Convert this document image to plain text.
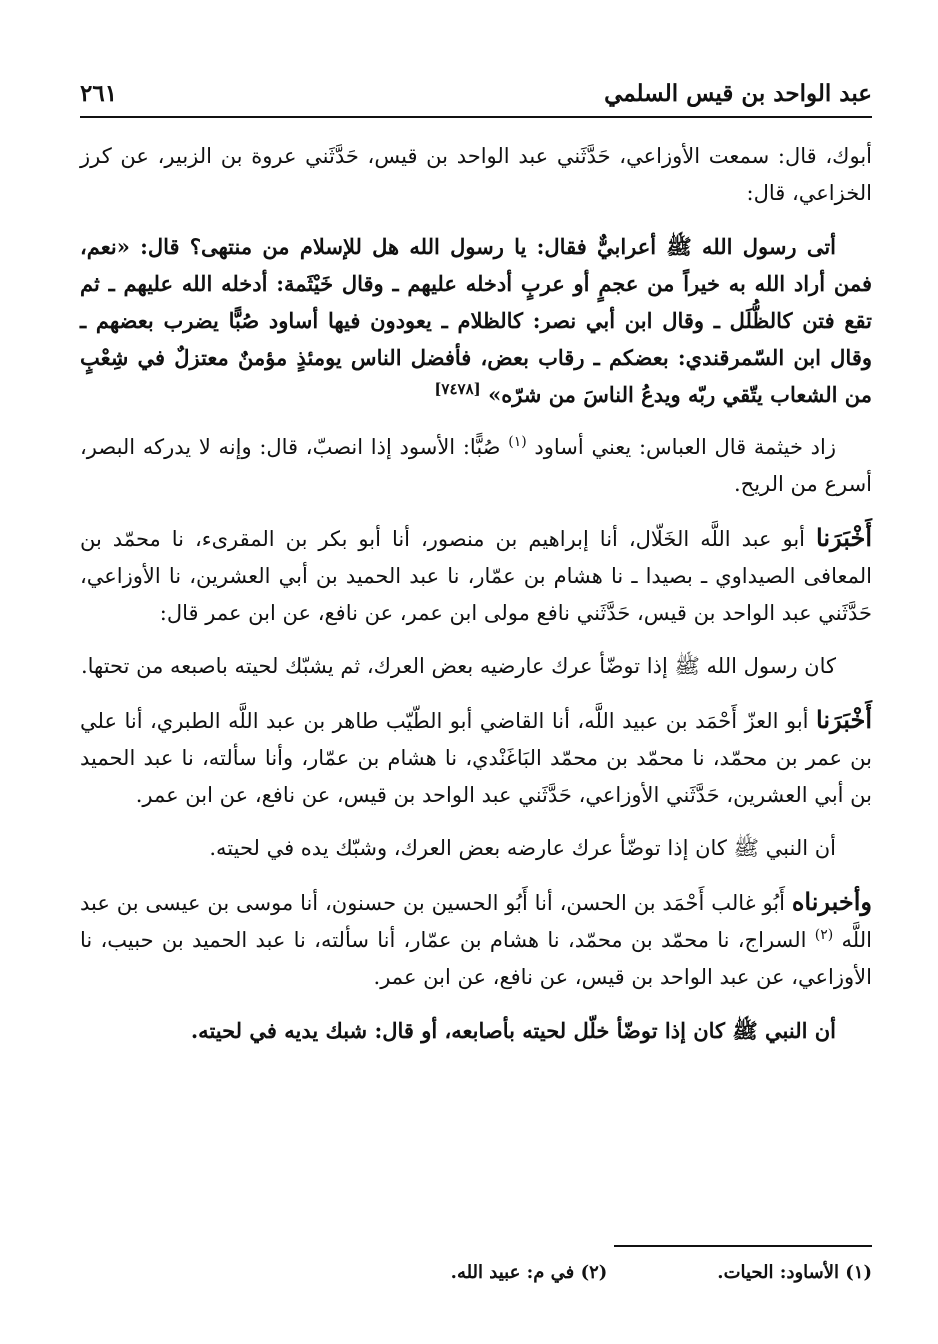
عبد الواحد بن قيس السلمي
٢٦١

أبوك، قال: سمعت الأوزاعي، حَدَّثَني عبد الواحد بن قيس، حَدَّثَني عروة بن الزبير، عن كرز الخزاعي، قال:

أتى رسول الله ﷺ أعرابيٌّ فقال: يا رسول الله هل للإسلام من منتهى؟ قال: «نعم، فمن أراد الله به خيراً من عجمٍ أو عربٍ أدخله عليهم ـ وقال خَيْثَمة: أدخله الله عليهم ـ ثم تقع فتن كالظُّلَل ـ وقال ابن أبي نصر: كالظلام ـ يعودون فيها أساود صُبًّا يضرب بعضهم ـ وقال ابن السّمرقندي: بعضكم ـ رقاب بعض، فأفضل الناس يومئذٍ مؤمنٌ معتزلٌ في شِعْبٍ من الشعاب يتّقي ربّه ويدعُ الناسَ من شرّه» [٧٤٧٨]

زاد خيثمة قال العباس: يعني أساود $^{(١)}$ صُبًّا: الأسود إذا انصبّ، قال: وإنه لا يدركه البصر، أسرع من الريح.

أَخْبَرَنا أبو عبد اللَّه الخَلّال، أنا إبراهيم بن منصور، أنا أبو بكر بن المقرىء، نا محمّد بن المعافى الصيداوي ـ بصيدا ـ نا هشام بن عمّار، نا عبد الحميد بن أبي العشرين، نا الأوزاعي، حَدَّثَني عبد الواحد بن قيس، حَدَّثَني نافع مولى ابن عمر، عن نافع، عن ابن عمر قال:

كان رسول الله ﷺ إذا توضّأ عرك عارضيه بعض العرك، ثم يشبّك لحيته باصبعه من تحتها.

أَخْبَرَنا أبو العزّ أَحْمَد بن عبيد اللَّه، أنا القاضي أبو الطّيّب طاهر بن عبد اللَّه الطبري، أنا علي بن عمر بن محمّد، نا محمّد بن محمّد البَاغَنْدي، نا هشام بن عمّار، وأنا سألته، نا عبد الحميد بن أبي العشرين، حَدَّثَني الأوزاعي، حَدَّثَني عبد الواحد بن قيس، عن نافع، عن ابن عمر.

أن النبي ﷺ كان إذا توضّأ عرك عارضه بعض العرك، وشبّك يده في لحيته.

وأخبرناه أَبُو غالب أَحْمَد بن الحسن، أنا أَبُو الحسين بن حسنون، أنا موسى بن عيسى بن عبد اللَّه $^{(٢)}$ السراج، نا محمّد بن محمّد، نا هشام بن عمّار، أنا سألته، نا عبد الحميد بن حبيب، نا الأوزاعي، عن عبد الواحد بن قيس، عن نافع، عن ابن عمر.

أن النبي ﷺ كان إذا توضّأ خلّل لحيته بأصابعه، أو قال: شبك يديه في لحيته.

(١) الأساود: الحيات.
(٢) في م: عبيد الله.
